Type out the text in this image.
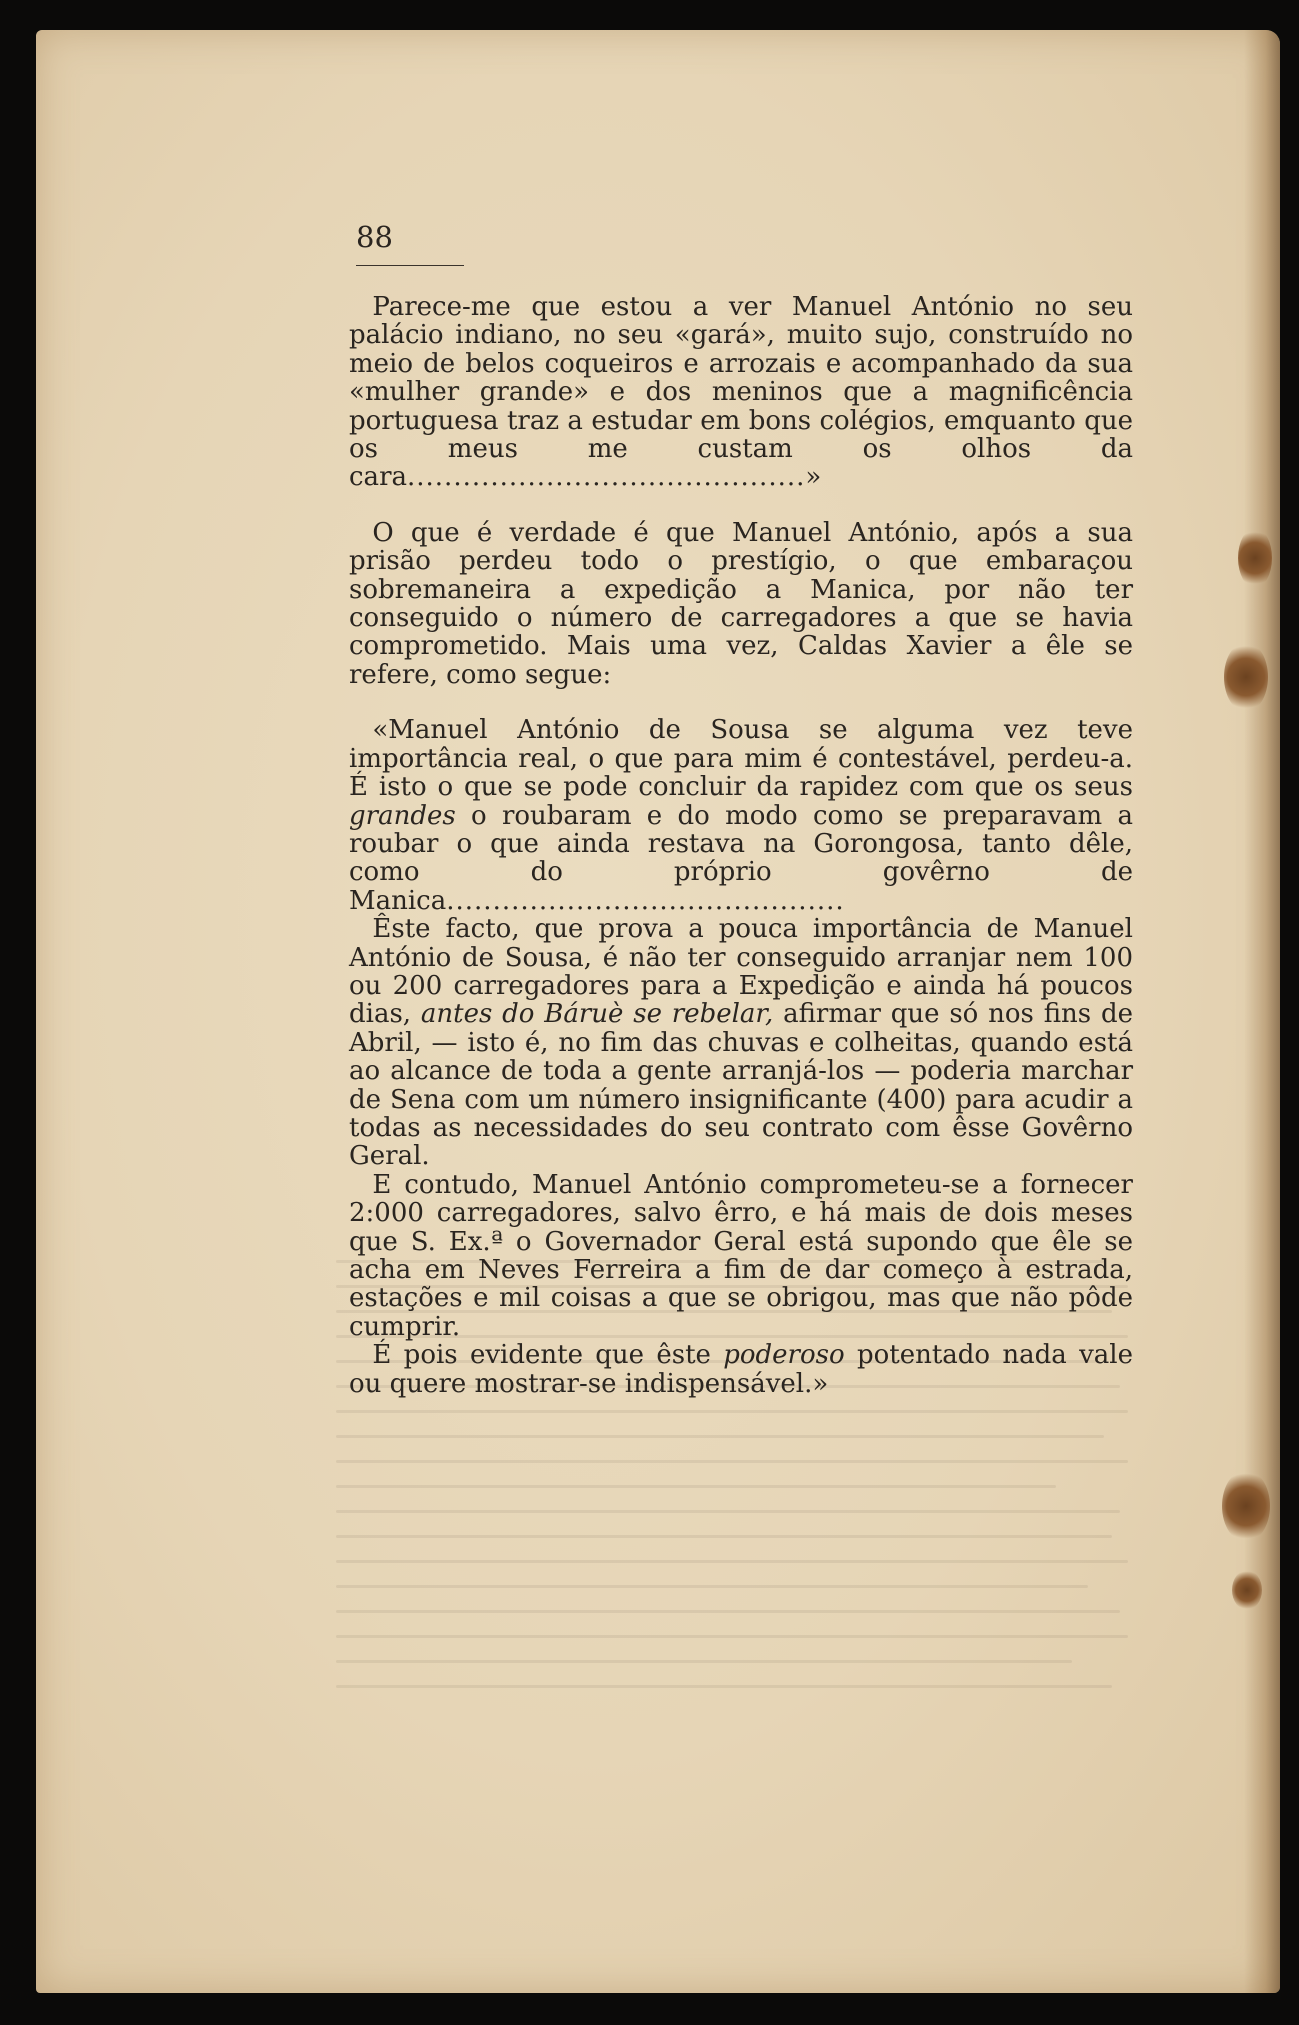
88

Parece-me que estou a ver Manuel António no seu palácio indiano, no seu «gará», muito sujo, construído no meio de belos coqueiros e arrozais e acompanhado da sua «mulher grande» e dos meninos que a magnificência portuguesa traz a estudar em bons colégios, emquanto que os meus me custam os olhos da cara...........................................»

O que é verdade é que Manuel António, após a sua prisão perdeu todo o prestígio, o que embaraçou sobremaneira a expedição a Manica, por não ter conseguido o número de carregadores a que se havia comprometido. Mais uma vez, Caldas Xavier a êle se refere, como segue:

«Manuel António de Sousa se alguma vez teve importância real, o que para mim é contestável, perdeu-a. É isto o que se pode concluir da rapidez com que os seus grandes o roubaram e do modo como se preparavam a roubar o que ainda restava na Gorongosa, tanto dêle, como do próprio govêrno de Manica...........................................

Êste facto, que prova a pouca importância de Manuel António de Sousa, é não ter conseguido arranjar nem 100 ou 200 carregadores para a Expedição e ainda há poucos dias, antes do Báruè se rebelar, afirmar que só nos fins de Abril, — isto é, no fim das chuvas e colheitas, quando está ao alcance de toda a gente arranjá-los — poderia marchar de Sena com um número insignificante (400) para acudir a todas as necessidades do seu contrato com êsse Govêrno Geral.

E contudo, Manuel António comprometeu-se a fornecer 2:000 carregadores, salvo êrro, e há mais de dois meses que S. Ex.ª o Governador Geral está supondo que êle se acha em Neves Ferreira a fim de dar começo à estrada, estações e mil coisas a que se obrigou, mas que não pôde cumprir.

É pois evidente que êste poderoso potentado nada vale ou quere mostrar-se indispensável.»
